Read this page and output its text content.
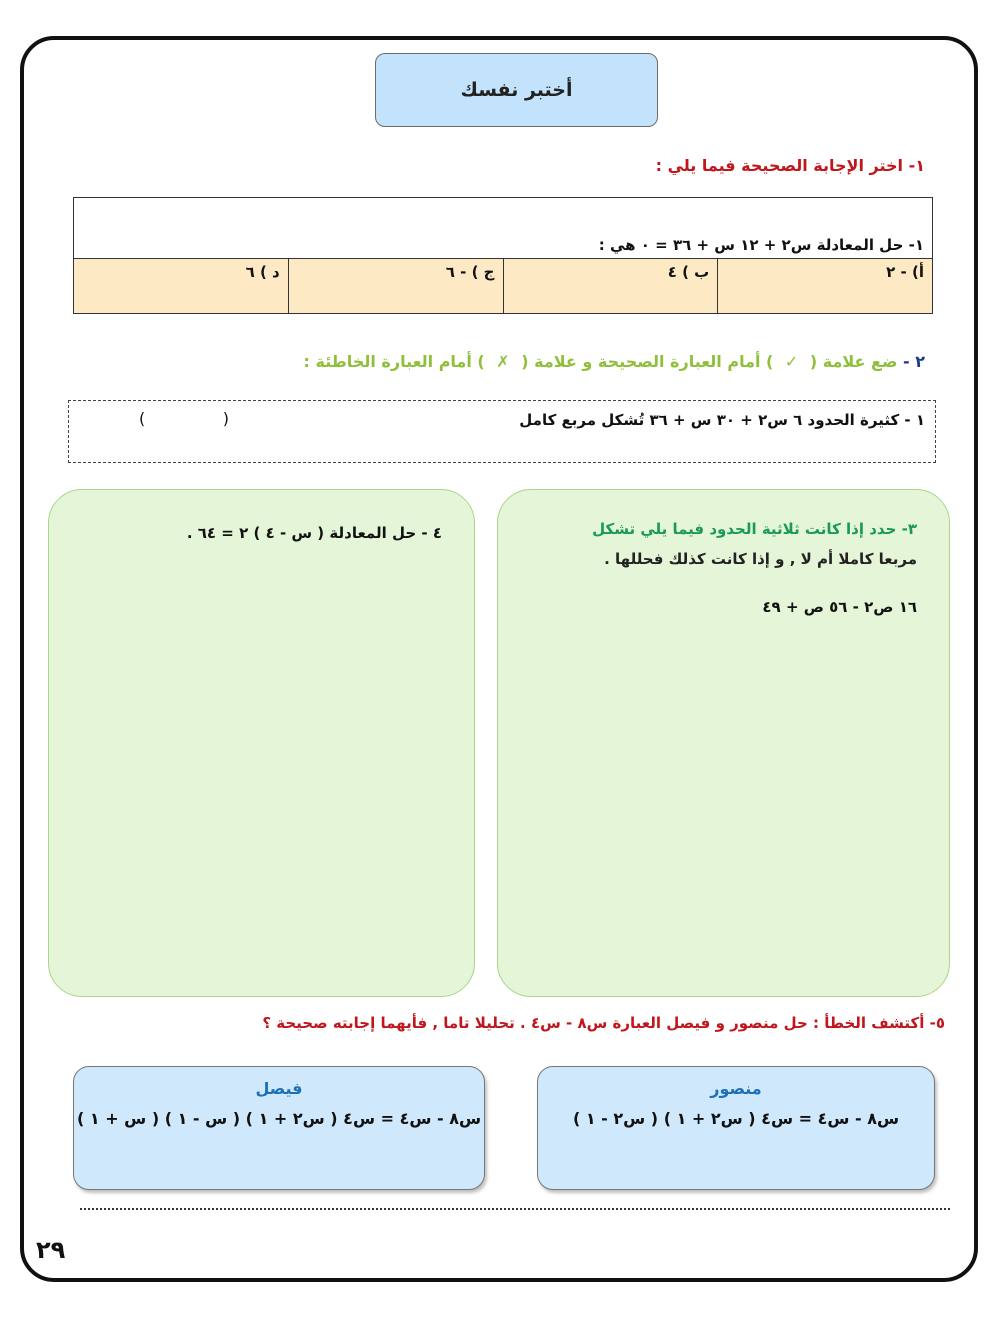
أختبر نفسك
١- اختر الإجابة الصحيحة فيما يلي :
١- حل المعادلة س٢ + ١٢ س + ٣٦ = ٠ هي :
أ) - ٢	ب ) ٤	ج ) - ٦	د ) ٦
٢ - ضع علامة ( ✓ ) أمام العبارة الصحيحة و علامة ( ✗ ) أمام العبارة الخاطئة :
١ - كثيرة الحدود ٦ س٢ + ٣٠ س + ٣٦ تُشكل مربع كامل
(
)
٣- حدد إذا كانت ثلاثية الحدود فيما يلي تشكل
مربعا كاملا أم لا , و إذا كانت كذلك فحللها .
١٦ ص٢ - ٥٦ ص + ٤٩
٤ - حل المعادلة ( س - ٤ ) ٢ = ٦٤ .
٥- أكتشف الخطأ : حل منصور و فيصل العبارة س٨ - س٤ . تحليلا تاما , فأيهما إجابته صحيحة ؟
منصور
س٨ - س٤ = س٤ ( س٢ + ١ ) ( س٢ - ١ )
فيصل
س٨ - س٤ = س٤ ( س٢ + ١ ) ( س - ١ ) ( س + ١ )
٢٩
